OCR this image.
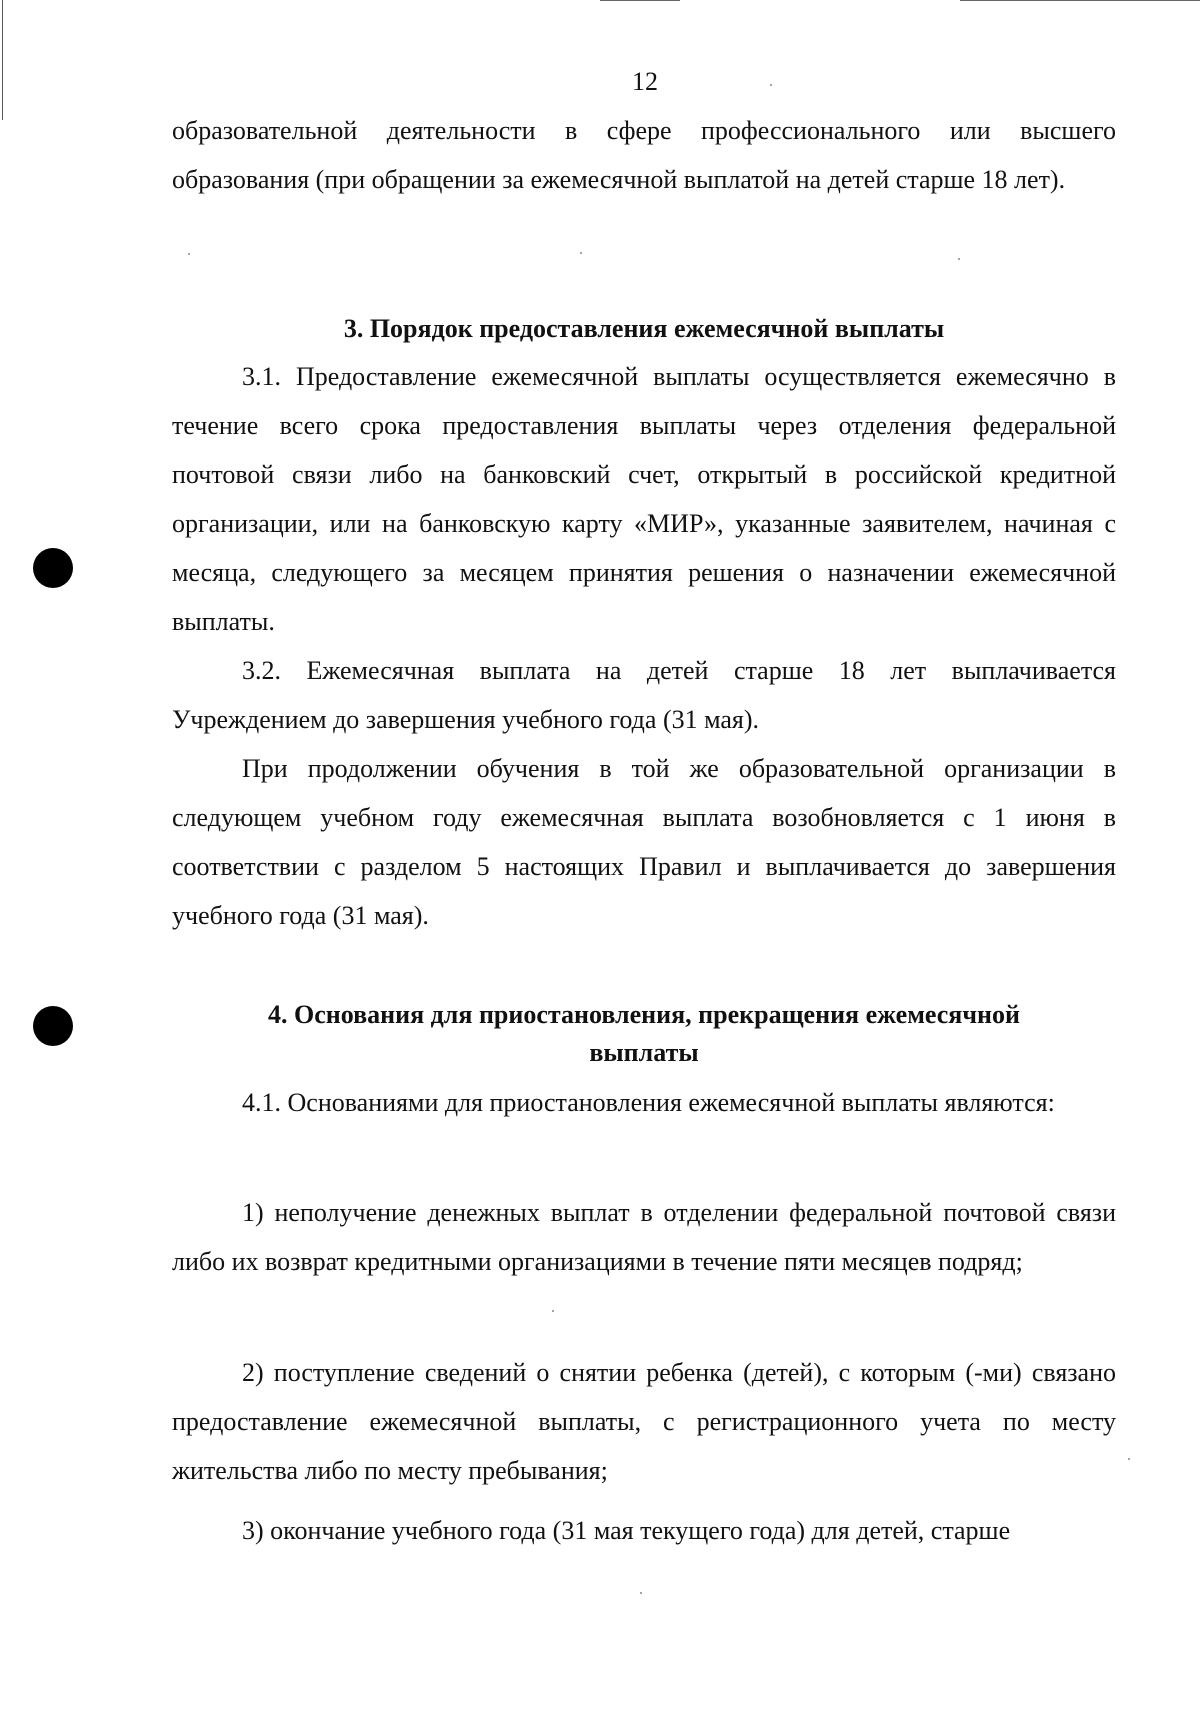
12

образовательной деятельности в сфере профессионального или высшего образования (при обращении за ежемесячной выплатой на детей старше 18 лет).

3. Порядок предоставления ежемесячной выплаты

3.1. Предоставление ежемесячной выплаты осуществляется ежемесячно в течение всего срока предоставления выплаты через отделения федеральной почтовой связи либо на банковский счет, открытый в российской кредитной организации, или на банковскую карту «МИР», указанные заявителем, начиная с месяца, следующего за месяцем принятия решения о назначении ежемесячной выплаты.

3.2. Ежемесячная выплата на детей старше 18 лет выплачивается Учреждением до завершения учебного года (31 мая).

При продолжении обучения в той же образовательной организации в следующем учебном году ежемесячная выплата возобновляется с 1 июня в соответствии с разделом 5 настоящих Правил и выплачивается до завершения учебного года (31 мая).

4. Основания для приостановления, прекращения ежемесячной

выплаты

4.1. Основаниями для приостановления ежемесячной выплаты являются:

1) неполучение денежных выплат в отделении федеральной почтовой связи либо их возврат кредитными организациями в течение пяти месяцев подряд;

2) поступление сведений о снятии ребенка (детей), с которым (-ми) связано предоставление ежемесячной выплаты, с регистрационного учета по месту жительства либо по месту пребывания;

3) окончание учебного года (31 мая текущего года) для детей, старше
